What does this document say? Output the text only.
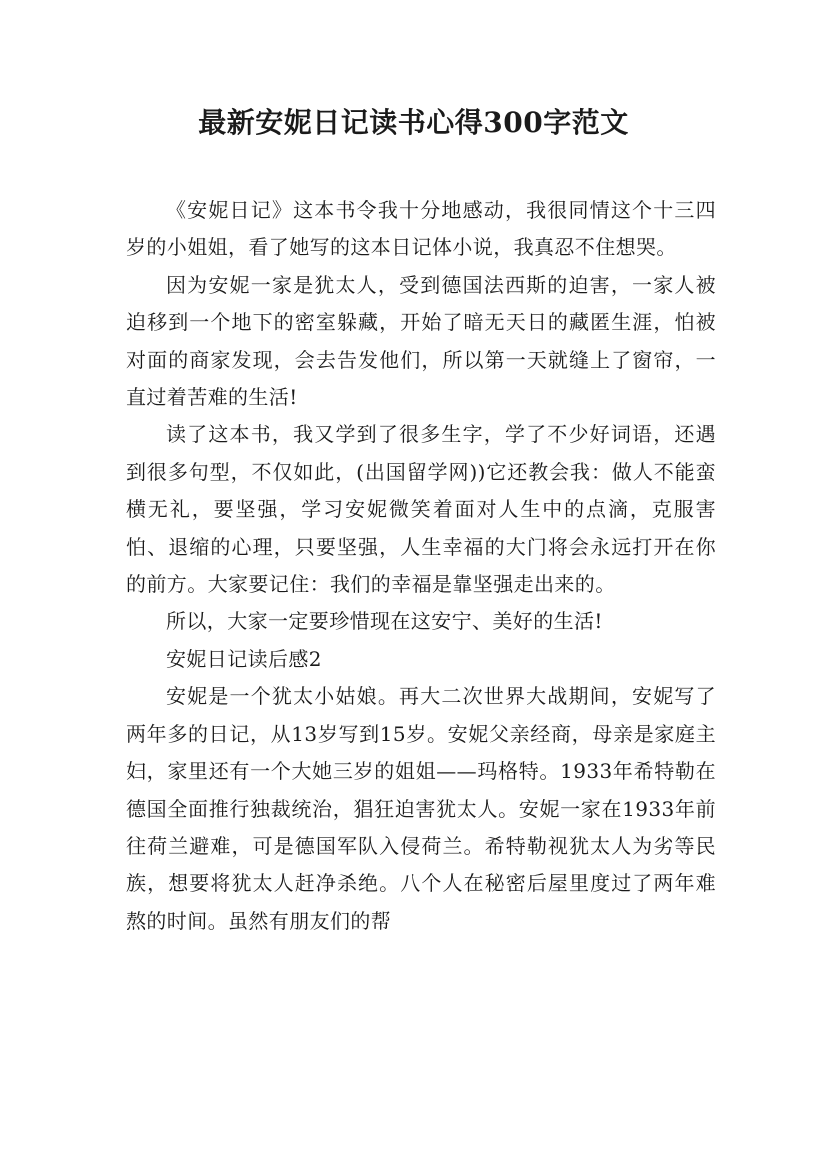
最新安妮日记读书心得300字范文

《安妮日记》这本书令我十分地感动，我很同情这个十三四岁的小姐姐，看了她写的这本日记体小说，我真忍不住想哭。

因为安妮一家是犹太人，受到德国法西斯的迫害，一家人被迫移到一个地下的密室躲藏，开始了暗无天日的藏匿生涯，怕被对面的商家发现，会去告发他们，所以第一天就缝上了窗帘，一直过着苦难的生活!

读了这本书，我又学到了很多生字，学了不少好词语，还遇到很多句型，不仅如此，(出国留学网))它还教会我：做人不能蛮横无礼，要坚强，学习安妮微笑着面对人生中的点滴，克服害怕、退缩的心理，只要坚强，人生幸福的大门将会永远打开在你的前方。大家要记住：我们的幸福是靠坚强走出来的。

所以，大家一定要珍惜现在这安宁、美好的生活!

安妮日记读后感2

安妮是一个犹太小姑娘。再大二次世界大战期间，安妮写了两年多的日记，从13岁写到15岁。安妮父亲经商，母亲是家庭主妇，家里还有一个大她三岁的姐姐——玛格特。1933年希特勒在德国全面推行独裁统治，猖狂迫害犹太人。安妮一家在1933年前往荷兰避难，可是德国军队入侵荷兰。希特勒视犹太人为劣等民族，想要将犹太人赶净杀绝。八个人在秘密后屋里度过了两年难熬的时间。虽然有朋友们的帮
